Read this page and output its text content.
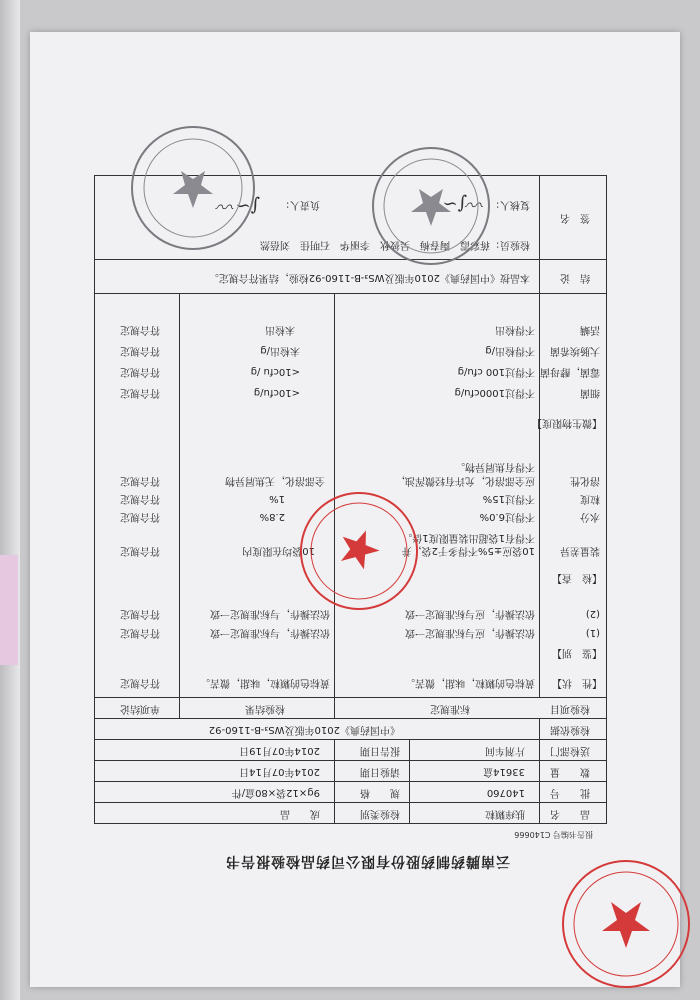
云南腾药制药股份有限公司药品检验报告书
报告书编号 C140666
品　　名
肤痒颗粒
检验类别
成　　品
批　　号
140760
规　　格
9g×12袋×80盒/件
数　　量
33614盒
请验日期
2014年07月14日
送检部门
片剂车间
报告日期
2014年07月19日
检验依据
《中国药典》2010年版及WS₃-B-1160-92
检验项目
标准规定
检验结果
单项结论
【性　状】
黄棕色的颗粒，味甜，微苦。
黄棕色的颗粒，味甜，微苦。
符合规定
【鉴　别】
(1)
依法操作，应与标准规定一致
依法操作，与标准规定一致
符合规定
(2)
依法操作，应与标准规定一致
依法操作，与标准规定一致
符合规定
【检　查】
装量差异
10袋应±5%不得多于2袋，并
不得有1袋超出装量限度1倍。
10袋均在限度内
符合规定
水分
不得过6.0%
2.8%
符合规定
粒度
不得过15%
1%
符合规定
溶化性
应全部溶化，允许有轻微浑浊，
不得有焦屑异物。
全部溶化，无焦屑异物
符合规定
【微生物限度】
细菌
不得过1000cfu/g
<10cfu/g
符合规定
霉菌，酵母菌
不得过100 cfu/g
<10cfu /g
符合规定
大肠埃希菌
不得检出/g
未检出/g
符合规定
活螨
不得检出
未检出
符合规定
结　论
本品按《中国药典》2010年版及WS₃-B-1160-92检验，结果符合规定。
签　名
检验员：蒋彩霞　陶春梅　吴彼秋　李丽华　石明佳　刘蓓然
复核人：
负责人：	〰︎∫∽
∫∽〰︎
